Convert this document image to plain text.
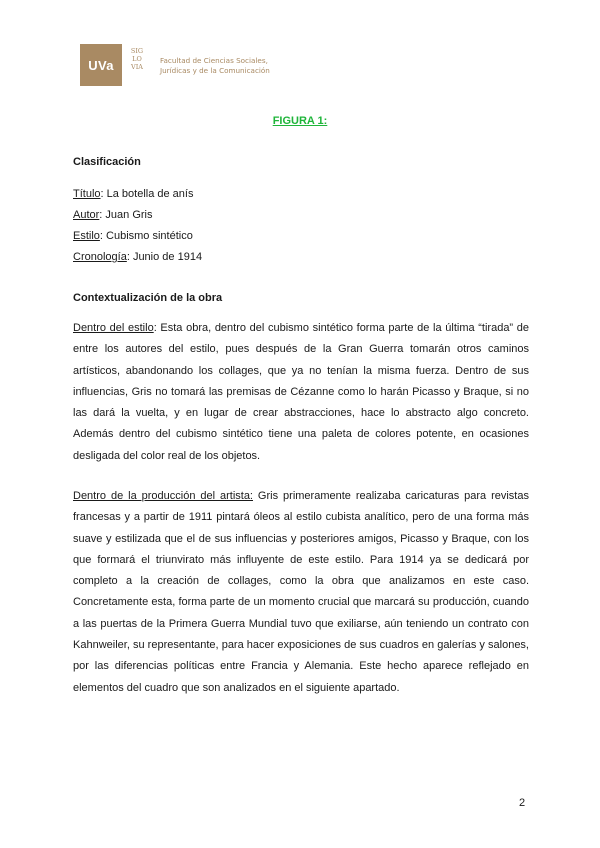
UVa
SIG
LO
VIA
Facultad de Ciencias Sociales,
Jurídicas y de la Comunicación
FIGURA 1:
Clasificación
Título: La botella de anís
Autor: Juan Gris
Estilo: Cubismo sintético
Cronología: Junio de 1914
Contextualización de la obra

Dentro del estilo: Esta obra, dentro del cubismo sintético forma parte de la última “tirada” de entre los autores del estilo, pues después de la Gran Guerra tomarán otros caminos artísticos, abandonando los collages, que ya no tenían la misma fuerza. Dentro de sus influencias, Gris no tomará las premisas de Cézanne como lo harán Picasso y Braque, si no las dará la vuelta, y en lugar de crear abstracciones, hace lo abstracto algo concreto. Además dentro del cubismo sintético tiene una paleta de colores potente, en ocasiones desligada del color real de los objetos.

Dentro de la producción del artista: Gris primeramente realizaba caricaturas para revistas francesas y a partir de 1911 pintará óleos al estilo cubista analítico, pero de una forma más suave y estilizada que el de sus influencias y posteriores amigos, Picasso y Braque, con los que formará el triunvirato más influyente de este estilo. Para 1914 ya se dedicará por completo a la creación de collages, como la obra que analizamos en este caso. Concretamente esta, forma parte de un momento crucial que marcará su producción, cuando a las puertas de la Primera Guerra Mundial tuvo que exiliarse, aún teniendo un contrato con Kahnweiler, su representante, para hacer exposiciones de sus cuadros en galerías y salones, por las diferencias políticas entre Francia y Alemania. Este hecho aparece reflejado en elementos del cuadro que son analizados en el siguiente apartado.

2
